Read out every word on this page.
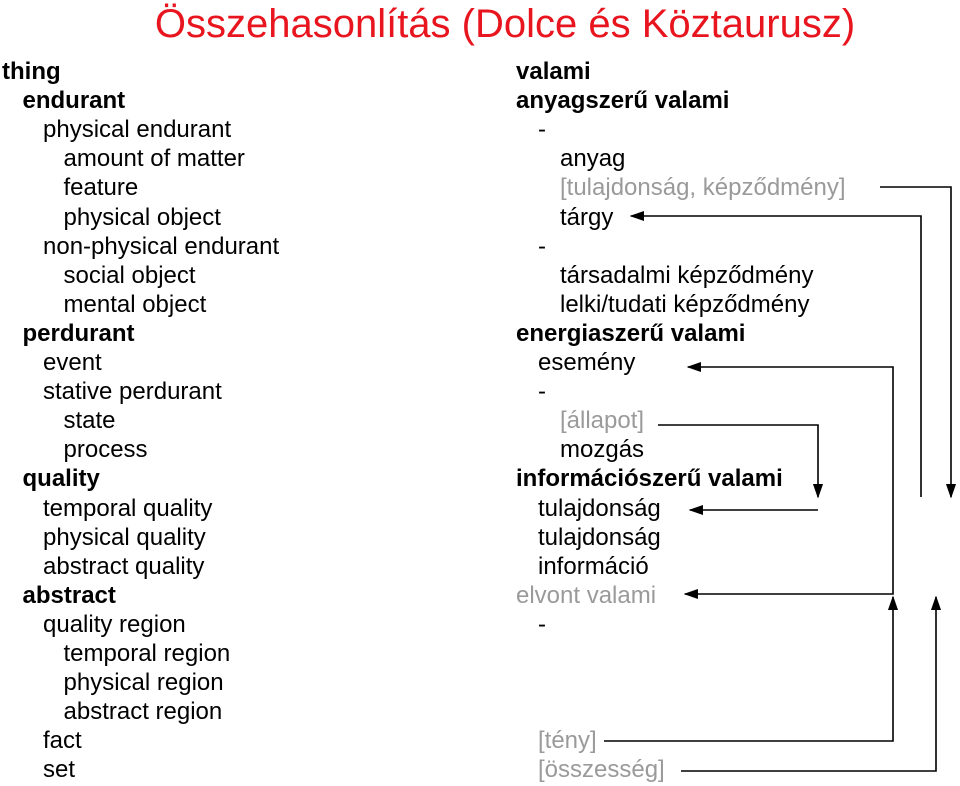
Összehasonlítás (Dolce és Köztaurusz)
thing
endurant
physical endurant
amount of matter
feature
physical object
non-physical endurant
social object
mental object
perdurant
event
stative perdurant
state
process
quality
temporal quality
physical quality
abstract quality
abstract
quality region
temporal region
physical region
abstract region
fact
set
valami
anyagszerű valami
-
anyag
[tulajdonság, képződmény]
tárgy
-
társadalmi képződmény
lelki/tudati képződmény
energiaszerű valami
esemény
-
[állapot]
mozgás
információszerű valami
tulajdonság
tulajdonság
információ
elvont valami
-
[tény]
[összesség]
